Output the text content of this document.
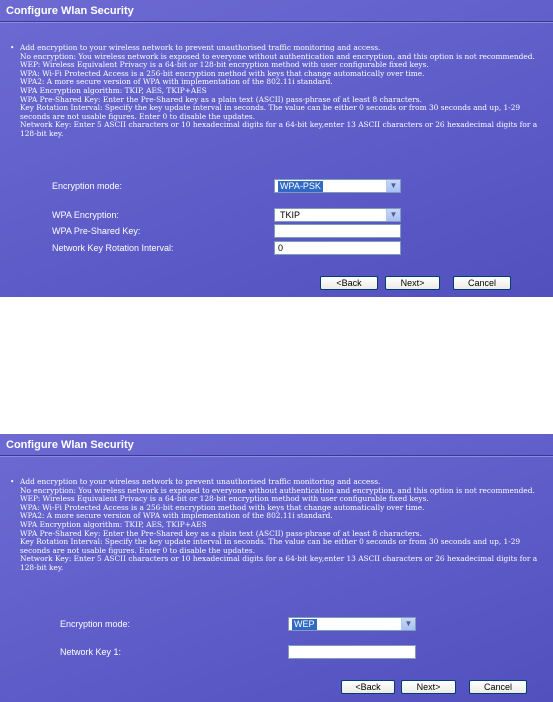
Configure Wlan Security
• Add encryption to your wireless network to prevent unauthorised traffic monitoring and access.
No encryption: You wireless network is exposed to everyone without authentication and encryption, and this option is not recommended.
WEP: Wireless Equivalent Privacy is a 64-bit or 128-bit encryption method with user configurable fixed keys.
WPA: Wi-Fi Protected Access is a 256-bit encryption method with keys that change automatically over time.
WPA2: A more secure version of WPA with implementation of the 802.11i standard.
WPA Encryption algorithm: TKIP, AES, TKIP+AES
WPA Pre-Shared Key: Enter the Pre-Shared key as a plain text (ASCII) pass-phrase of at least 8 characters.
Key Rotation Interval: Specify the key update interval in seconds. The value can be either 0 seconds or from 30 seconds and up, 1-29
seconds are not usable figures. Enter 0 to disable the updates.
Network Key: Enter 5 ASCII characters or 10 hexadecimal digits for a 64-bit key,enter 13 ASCII characters or 26 hexadecimal digits for a
128-bit key.
Encryption mode:	WPA-PSK	▼
WPA Encryption:	TKIP	▼
WPA Pre-Shared Key:
Network Key Rotation Interval:	0
<Back	Next>	Cancel
Configure Wlan Security
• Add encryption to your wireless network to prevent unauthorised traffic monitoring and access.
No encryption: You wireless network is exposed to everyone without authentication and encryption, and this option is not recommended.
WEP: Wireless Equivalent Privacy is a 64-bit or 128-bit encryption method with user configurable fixed keys.
WPA: Wi-Fi Protected Access is a 256-bit encryption method with keys that change automatically over time.
WPA2: A more secure version of WPA with implementation of the 802.11i standard.
WPA Encryption algorithm: TKIP, AES, TKIP+AES
WPA Pre-Shared Key: Enter the Pre-Shared key as a plain text (ASCII) pass-phrase of at least 8 characters.
Key Rotation Interval: Specify the key update interval in seconds. The value can be either 0 seconds or from 30 seconds and up, 1-29
seconds are not usable figures. Enter 0 to disable the updates.
Network Key: Enter 5 ASCII characters or 10 hexadecimal digits for a 64-bit key,enter 13 ASCII characters or 26 hexadecimal digits for a
128-bit key.
Encryption mode:	WEP	▼
Network Key 1:
<Back	Next>	Cancel
